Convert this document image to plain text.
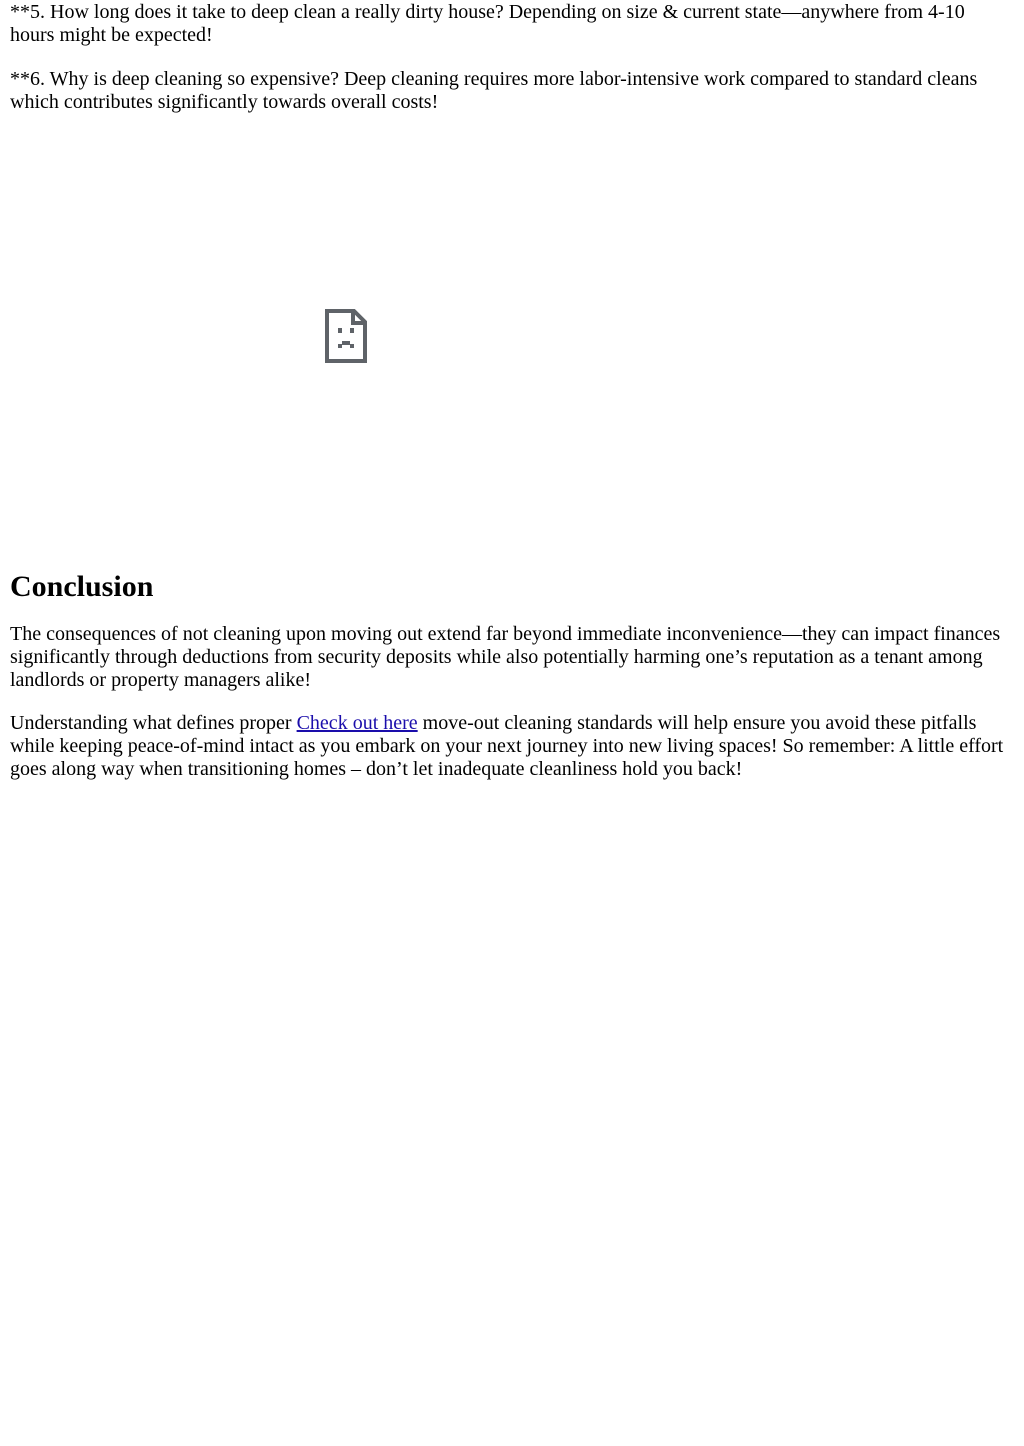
**5. How long does it take to deep clean a really dirty house? Depending on size & current state—anywhere from 4-10 hours might be expected!

**6. Why is deep cleaning so expensive? Deep cleaning requires more labor-intensive work compared to standard cleans which contributes significantly towards overall costs!

Conclusion

The consequences of not cleaning upon moving out extend far beyond immediate inconvenience—they can impact finances significantly through deductions from security deposits while also potentially harming one’s reputation as a tenant among landlords or property managers alike!

Understanding what defines proper Check out here move-out cleaning standards will help ensure you avoid these pitfalls while keeping peace-of-mind intact as you embark on your next journey into new living spaces! So remember: A little effort goes along way when transitioning homes – don’t let inadequate cleanliness hold you back!
